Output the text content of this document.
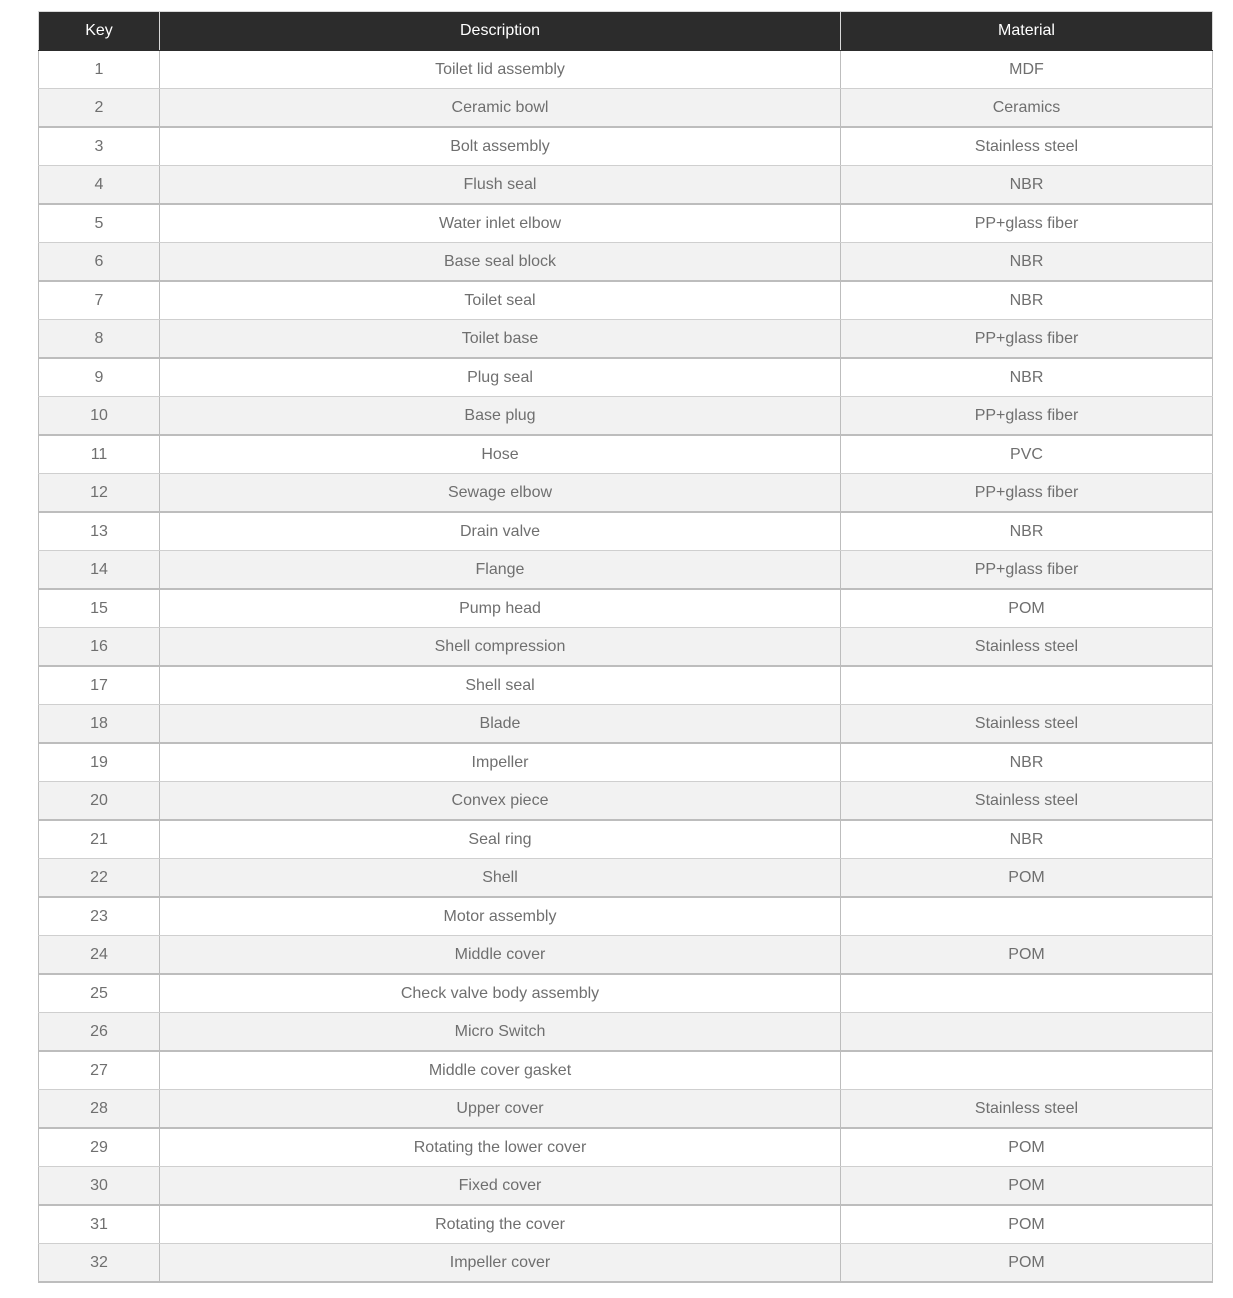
Key	Description	Material
1	Toilet lid assembly	MDF
2	Ceramic bowl	Ceramics
3	Bolt assembly	Stainless steel
4	Flush seal	NBR
5	Water inlet elbow	PP+glass fiber
6	Base seal block	NBR
7	Toilet seal	NBR
8	Toilet base	PP+glass fiber
9	Plug seal	NBR
10	Base plug	PP+glass fiber
11	Hose	PVC
12	Sewage elbow	PP+glass fiber
13	Drain valve	NBR
14	Flange	PP+glass fiber
15	Pump head	POM
16	Shell compression	Stainless steel
17	Shell seal	
18	Blade	Stainless steel
19	Impeller	NBR
20	Convex piece	Stainless steel
21	Seal ring	NBR
22	Shell	POM
23	Motor assembly	
24	Middle cover	POM
25	Check valve body assembly	
26	Micro Switch	
27	Middle cover gasket	
28	Upper cover	Stainless steel
29	Rotating the lower cover	POM
30	Fixed cover	POM
31	Rotating the cover	POM
32	Impeller cover	POM
